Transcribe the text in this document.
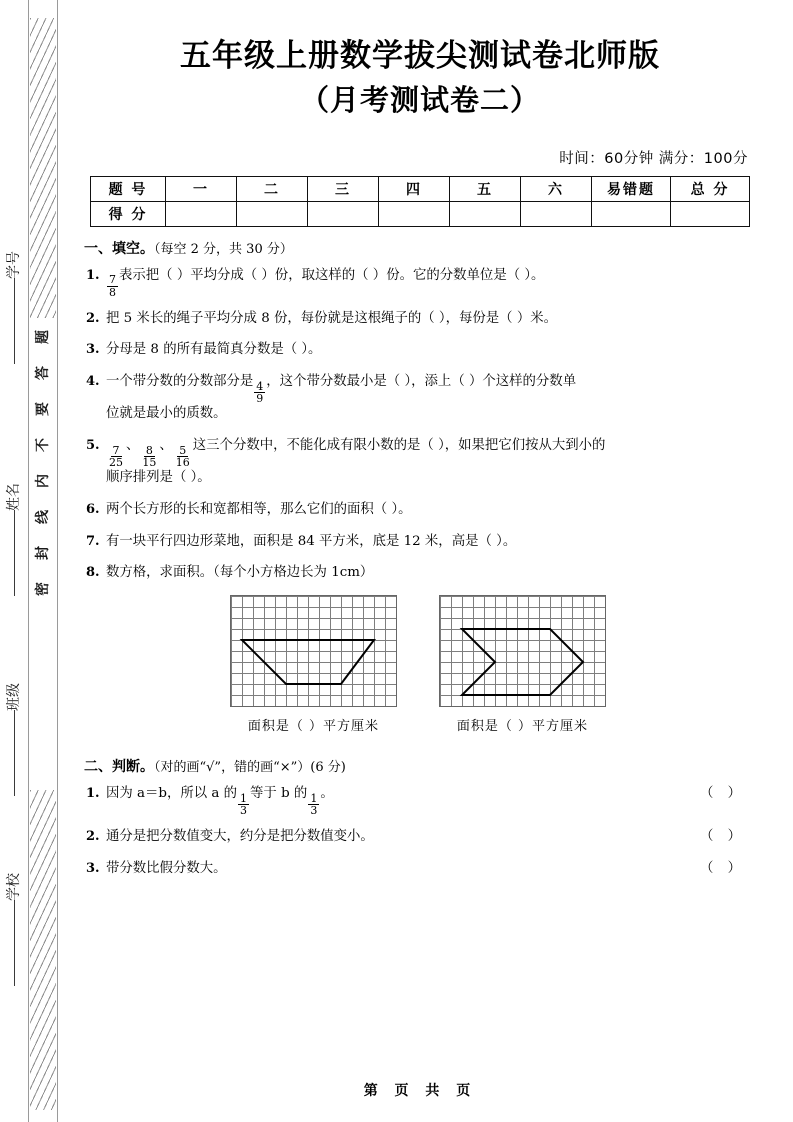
题
答
要
不
内
线
封
密
学校
班级
姓名
学号
五年级上册数学拔尖测试卷北师版
（月考测试卷二）
时间：60分钟 满分：100分
题 号	一	二	三	四	五	六	易错题	总 分
得 分								
一、填空。（每空 2 分，共 30 分）
1. $\frac{7}{8}$ 表示把（ ）平均分成（ ）份，取这样的（ ）份。它的分数单位是（ ）。
2. 把 5 米长的绳子平均分成 8 份，每份就是这根绳子的（ ），每份是（ ）米。
3. 分母是 8 的所有最简真分数是（ ）。
4. 一个带分数的分数部分是 $\frac{4}{9}$ ，这个带分数最小是（ ），添上（ ）个这样的分数单
位就是最小的质数。
5. $\frac{7}{25}$ 、 $\frac{8}{15}$ 、 $\frac{5}{16}$ 这三个分数中，不能化成有限小数的是（ ），如果把它们按从大到小的
顺序排列是（ ）。
6. 两个长方形的长和宽都相等，那么它们的面积（ ）。
7. 有一块平行四边形菜地，面积是 84 平方米，底是 12 米，高是（ ）。
8. 数方格，求面积。（每个小方格边长为 1cm）
面积是（ ）平方厘米	面积是（ ）平方厘米
二、判断。（对的画“√”，错的画“×”）(6 分)
（ ）
1. 因为 a＝b，所以 a 的 $\frac{1}{3}$ 等于 b 的 $\frac{1}{3}$ 。
（ ）
2. 通分是把分数值变大，约分是把分数值变小。
（ ）
3. 带分数比假分数大。
第 页 共 页
